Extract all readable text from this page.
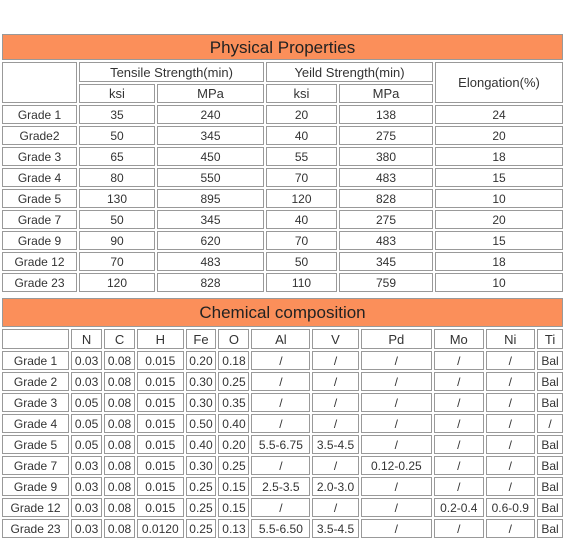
Physical Properties					
	Tensile Strength(min)		Yeild Strength(min)		Elongation(%)
	ksi	MPa	ksi	MPa	
Grade 1	35	240	20	138	24
Grade2	50	345	40	275	20
Grade 3	65	450	55	380	18
Grade 4	80	550	70	483	15
Grade 5	130	895	120	828	10
Grade 7	50	345	40	275	20
Grade 9	90	620	70	483	15
Grade 12	70	483	50	345	18
Grade 23	120	828	110	759	10
Chemical composition											
	N	C	H	Fe	O	Al	V	Pd	Mo	Ni	Ti
Grade 1	0.03	0.08	0.015	0.20	0.18	/	/	/	/	/	Bal
Grade 2	0.03	0.08	0.015	0.30	0.25	/	/	/	/	/	Bal
Grade 3	0.05	0.08	0.015	0.30	0.35	/	/	/	/	/	Bal
Grade 4	0.05	0.08	0.015	0.50	0.40	/	/	/	/	/	/
Grade 5	0.05	0.08	0.015	0.40	0.20	5.5-6.75	3.5-4.5	/	/	/	Bal
Grade 7	0.03	0.08	0.015	0.30	0.25	/	/	0.12-0.25	/	/	Bal
Grade 9	0.03	0.08	0.015	0.25	0.15	2.5-3.5	2.0-3.0	/	/	/	Bal
Grade 12	0.03	0.08	0.015	0.25	0.15	/	/	/	0.2-0.4	0.6-0.9	Bal
Grade 23	0.03	0.08	0.0120	0.25	0.13	5.5-6.50	3.5-4.5	/	/	/	Bal
